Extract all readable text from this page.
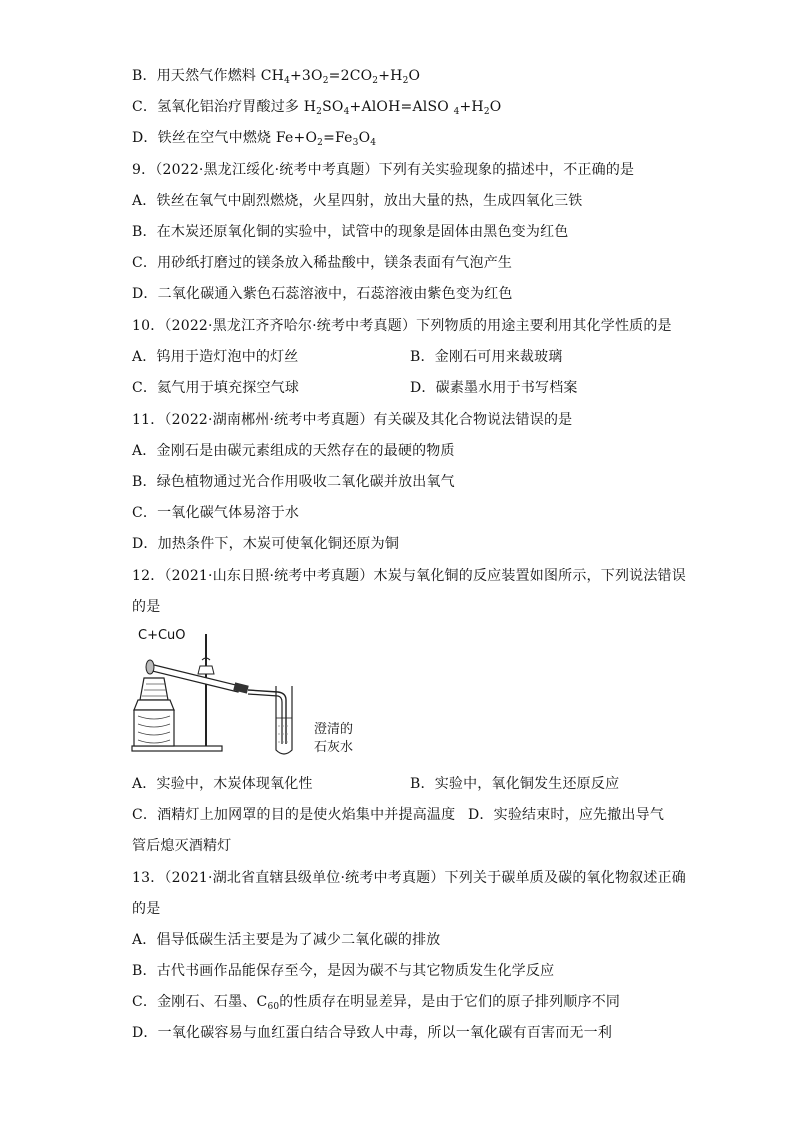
B．用天然气作燃料 $CH_4+3O_2=2CO_2+H_2O$
C．氢氧化铝治疗胃酸过多 $H_2SO_4+AlOH=AlSO$ $_4+H_2O$
D．铁丝在空气中燃烧 $Fe+O_2=Fe_3O_4$
9．（2022·黑龙江绥化·统考中考真题）下列有关实验现象的描述中，不正确的是
A．铁丝在氧气中剧烈燃烧，火星四射，放出大量的热，生成四氧化三铁
B．在木炭还原氧化铜的实验中，试管中的现象是固体由黑色变为红色
C．用砂纸打磨过的镁条放入稀盐酸中，镁条表面有气泡产生
D．二氧化碳通入紫色石蕊溶液中，石蕊溶液由紫色变为红色
10．（2022·黑龙江齐齐哈尔·统考中考真题）下列物质的用途主要利用其化学性质的是
A．钨用于造灯泡中的灯丝	B．金刚石可用来裁玻璃
C．氦气用于填充探空气球	D．碳素墨水用于书写档案
11．（2022·湖南郴州·统考中考真题）有关碳及其化合物说法错误的是
A．金刚石是由碳元素组成的天然存在的最硬的物质
B．绿色植物通过光合作用吸收二氧化碳并放出氧气
C．一氧化碳气体易溶于水
D．加热条件下，木炭可使氧化铜还原为铜
12．（2021·山东日照·统考中考真题）木炭与氧化铜的反应装置如图所示，下列说法错误
的是
C+CuO
澄清的
石灰水
A．实验中，木炭体现氧化性	B．实验中，氧化铜发生还原反应
C．酒精灯上加网罩的目的是使火焰集中并提高温度 D．实验结束时，应先撤出导气
管后熄灭酒精灯
13．（2021·湖北省直辖县级单位·统考中考真题）下列关于碳单质及碳的氧化物叙述正确
的是
A．倡导低碳生活主要是为了减少二氧化碳的排放
B．古代书画作品能保存至今，是因为碳不与其它物质发生化学反应
C．金刚石、石墨、$C_{60}$的性质存在明显差异，是由于它们的原子排列顺序不同
D．一氧化碳容易与血红蛋白结合导致人中毒，所以一氧化碳有百害而无一利
